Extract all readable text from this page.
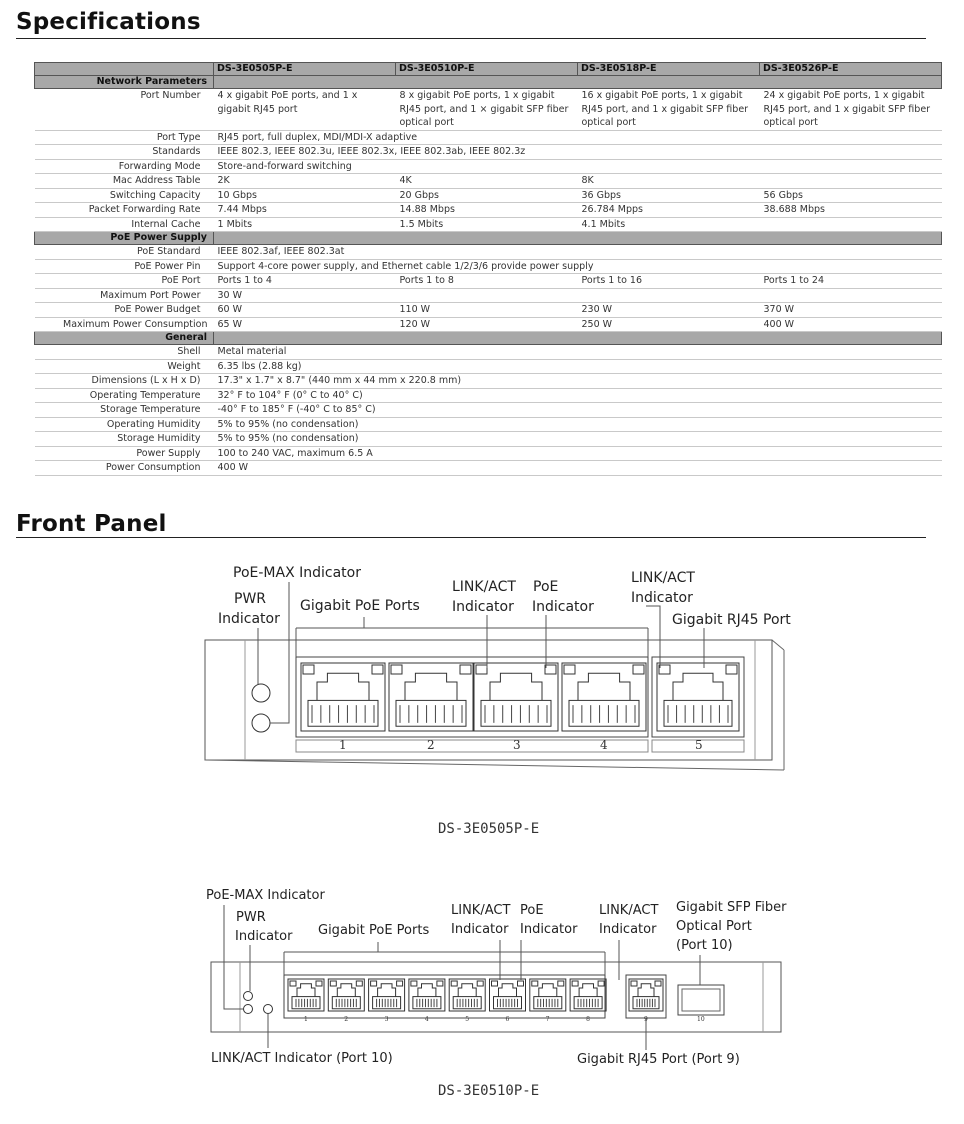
Specifications
	DS-3E0505P-E	DS-3E0510P-E	DS-3E0518P-E	DS-3E0526P-E
Network Parameters				
Port Number	4 x gigabit PoE ports, and 1 x gigabit RJ45 port	8 x gigabit PoE ports, 1 x gigabit RJ45 port, and 1 × gigabit SFP fiber optical port	16 x gigabit PoE ports, 1 x gigabit RJ45 port, and 1 x gigabit SFP fiber optical port	24 x gigabit PoE ports, 1 x gigabit RJ45 port, and 1 x gigabit SFP fiber optical port
Port Type	RJ45 port, full duplex, MDI/MDI-X adaptive			
Standards	IEEE 802.3, IEEE 802.3u, IEEE 802.3x, IEEE 802.3ab, IEEE 802.3z			
Forwarding Mode	Store-and-forward switching			
Mac Address Table	2K	4K	8K	
Switching Capacity	10 Gbps	20 Gbps	36 Gbps	56 Gbps
Packet Forwarding Rate	7.44 Mbps	14.88 Mbps	26.784 Mpps	38.688 Mbps
Internal Cache	1 Mbits	1.5 Mbits	4.1 Mbits	
PoE Power Supply				
PoE Standard	IEEE 802.3af, IEEE 802.3at			
PoE Power Pin	Support 4-core power supply, and Ethernet cable 1/2/3/6 provide power supply			
PoE Port	Ports 1 to 4	Ports 1 to 8	Ports 1 to 16	Ports 1 to 24
Maximum Port Power	30 W			
PoE Power Budget	60 W	110 W	230 W	370 W
Maximum Power Consumption	65 W	120 W	250 W	400 W
General				
Shell	Metal material			
Weight	6.35 lbs (2.88 kg)			
Dimensions (L x H x D)	17.3" x 1.7" x 8.7" (440 mm x 44 mm x 220.8 mm)			
Operating Temperature	32° F to 104° F (0° C to 40° C)			
Storage Temperature	-40° F to 185° F (-40° C to 85° C)			
Operating Humidity	5% to 95% (no condensation)			
Storage Humidity	5% to 95% (no condensation)			
Power Supply	100 to 240 VAC, maximum 6.5 A			
Power Consumption	400 W			
Front Panel
PoE-MAX Indicator
PWR
Indicator
Gigabit PoE Ports
LINK/ACT
Indicator
PoE
Indicator
LINK/ACT
Indicator
Gigabit RJ45 Port
1	2	3	4	5
DS-3E0505P-E
PoE-MAX Indicator
PWR
Indicator Gigabit PoE Ports
LINK/ACT
Indicator
PoE
Indicator
LINK/ACT
Indicator
Gigabit SFP Fiber
Optical Port
(Port 10)
LINK/ACT Indicator (Port 10)	Gigabit RJ45 Port (Port 9)
1	2	3	4	5	6	7	8	9	10
DS-3E0510P-E
